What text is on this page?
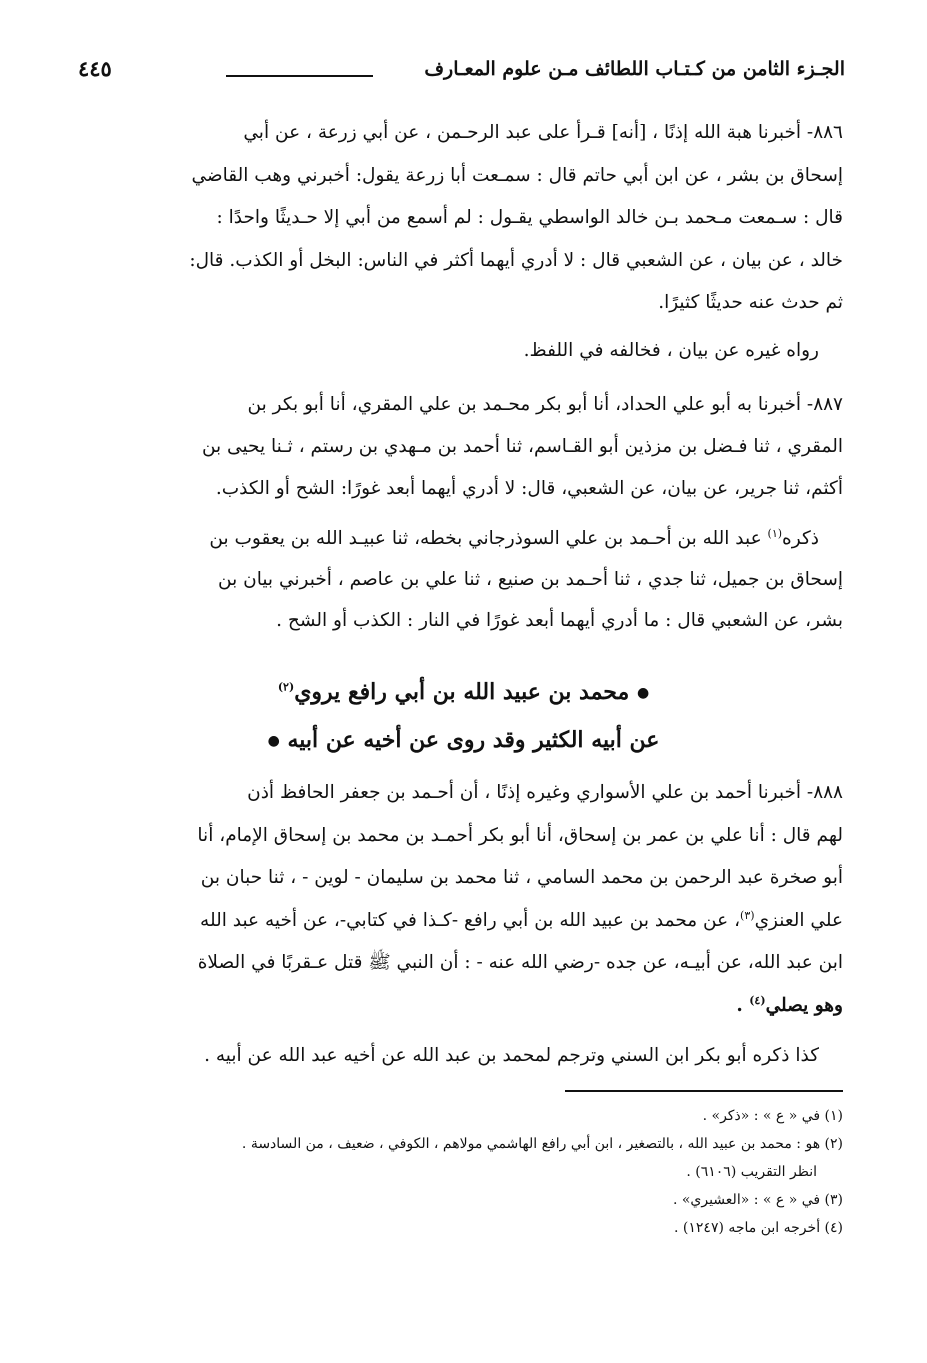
الجـزء الثامن من كـتـاب اللطائف مـن علوم المعـارف
٤٤٥
٨٨٦- أخبرنا هبة الله إذنًا ، [أنه] قـرأ على عبد الرحـمن ، عن أبي زرعة ، عن أبي
إسحاق بن بشر ، عن ابن أبي حاتم قال : سمـعت أبا زرعة يقول: أخبرني وهب القاضي
قال : سـمعت مـحمد بـن خالد الواسطي يقـول : لم أسمع من أبي إلا حـديثًا واحدًا :
خالد ، عن بيان ، عن الشعبي قال : لا أدري أيهما أكثر في الناس: البخل أو الكذب. قال:
ثم حدث عنه حديثًا كثيرًا.
رواه غيره عن بيان ، فخالفه في اللفظ.
٨٨٧- أخبرنا به أبو علي الحداد، أنا أبو بكر محـمد بن علي المقري، أنا أبو بكر بن
المقري ، ثنا فـضل بن مزذين أبو القـاسم، ثنا أحمد بن مـهدي بن رستم ، ثـنا يحيى بن
أكثم، ثنا جرير، عن بيان، عن الشعبي، قال: لا أدري أيهما أبعد غورًا: الشح أو الكذب.
ذكره$^{(١)}$ عبد الله بن أحـمد بن علي السوذرجاني بخطه، ثنا عبيـد الله بن يعقوب بن
إسحاق بن جميل، ثنا جدي ، ثنا أحـمد بن صنيع ، ثنا علي بن عاصم ، أخبرني بيان بن
بشر، عن الشعبي قال : ما أدري أيهما أبعد غورًا في النار : الكذب أو الشح .
● محمد بن عبيد الله بن أبي رافع يروي$^{(٢)}$
عن أبيه الكثير وقد روى عن أخيه عن أبيه ●
٨٨٨- أخبرنا أحمد بن علي الأسواري وغيره إذنًا ، أن أحـمد بن جعفر الحافظ أذن
لهم قال : أنا علي بن عمر بن إسحاق، أنا أبو بكر أحمـد بن محمد بن إسحاق الإمام، أنا
أبو صخرة عبد الرحمن بن محمد السامي ، ثنا محمد بن سليمان - لوين - ، ثنا حبان بن
علي العنزي$^{(٣)}$، عن محمد بن عبيد الله بن أبي رافع -كـذا في كتابي-، عن أخيه عبد الله
ابن عبد الله، عن أبيـه، عن جده -رضي الله عنه - : أن النبي ﷺ قتل عـقربًا في الصلاة
وهو يصلي$^{(٤)}$ .
كذا ذكره أبو بكر ابن السني وترجم لمحمد بن عبد الله عن أخيه عبد الله عن أبيه .
(١) في « ع » : «ذكر» .
(٢) هو : محمد بن عبيد الله ، بالتصغير ، ابن أبي رافع الهاشمي مولاهم ، الكوفي ، ضعيف ، من السادسة .
انظر التقريب (٦١٠٦) .
(٣) في « ع » : «العشيري» .
(٤) أخرجه ابن ماجه (١٢٤٧) .
